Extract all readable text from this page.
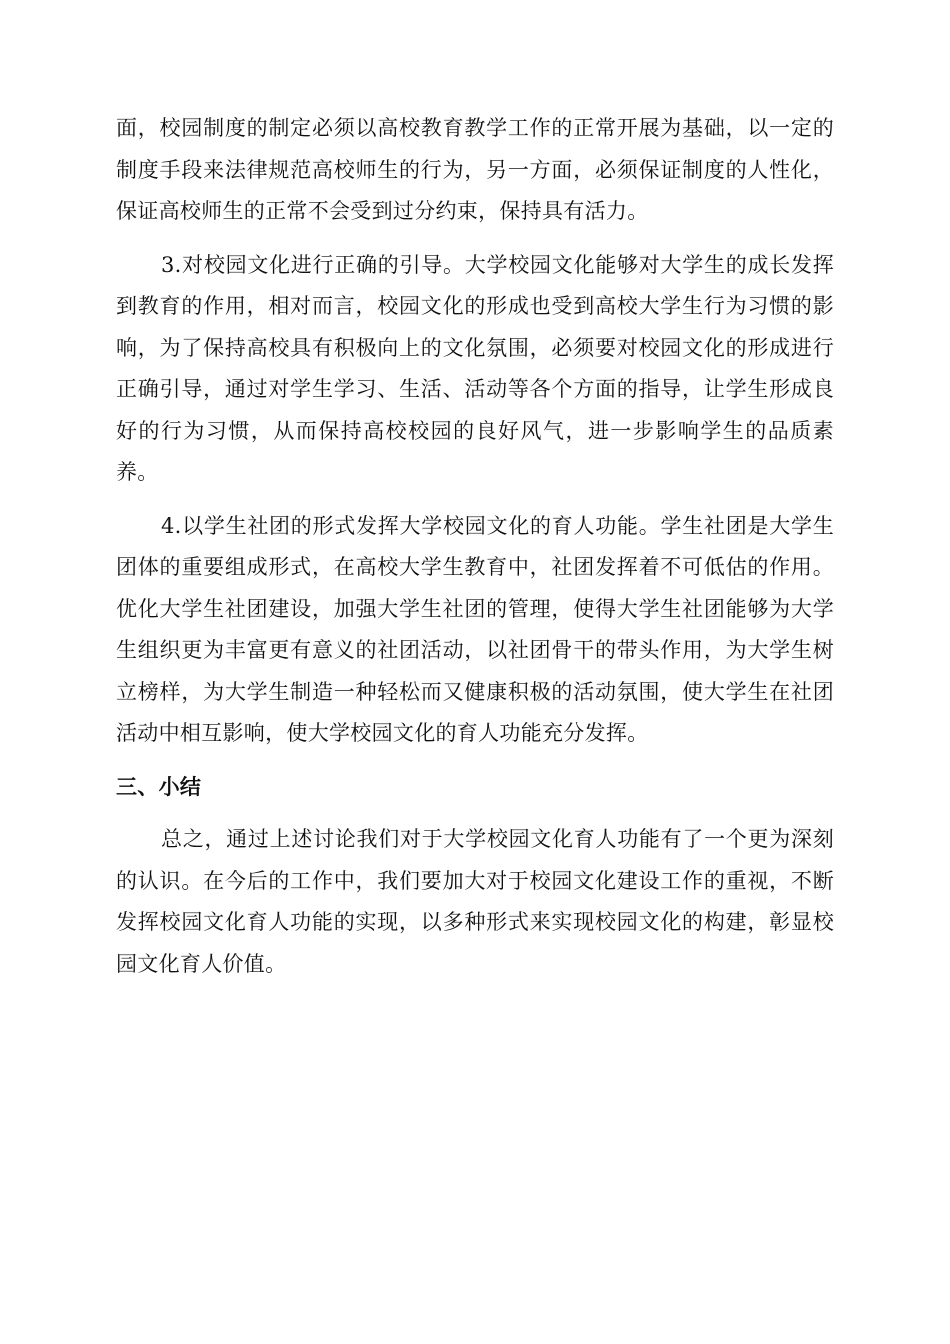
面，校园制度的制定必须以高校教育教学工作的正常开展为基础，以一定的制度手段来法律规范高校师生的行为，另一方面，必须保证制度的人性化，保证高校师生的正常不会受到过分约束，保持具有活力。

3.对校园文化进行正确的引导。大学校园文化能够对大学生的成长发挥到教育的作用，相对而言，校园文化的形成也受到高校大学生行为习惯的影响，为了保持高校具有积极向上的文化氛围，必须要对校园文化的形成进行正确引导，通过对学生学习、生活、活动等各个方面的指导，让学生形成良好的行为习惯，从而保持高校校园的良好风气，进一步影响学生的品质素养。

4.以学生社团的形式发挥大学校园文化的育人功能。学生社团是大学生团体的重要组成形式，在高校大学生教育中，社团发挥着不可低估的作用。优化大学生社团建设，加强大学生社团的管理，使得大学生社团能够为大学生组织更为丰富更有意义的社团活动，以社团骨干的带头作用，为大学生树立榜样，为大学生制造一种轻松而又健康积极的活动氛围，使大学生在社团活动中相互影响，使大学校园文化的育人功能充分发挥。

三、小结

总之，通过上述讨论我们对于大学校园文化育人功能有了一个更为深刻的认识。在今后的工作中，我们要加大对于校园文化建设工作的重视，不断发挥校园文化育人功能的实现，以多种形式来实现校园文化的构建，彰显校园文化育人价值。
